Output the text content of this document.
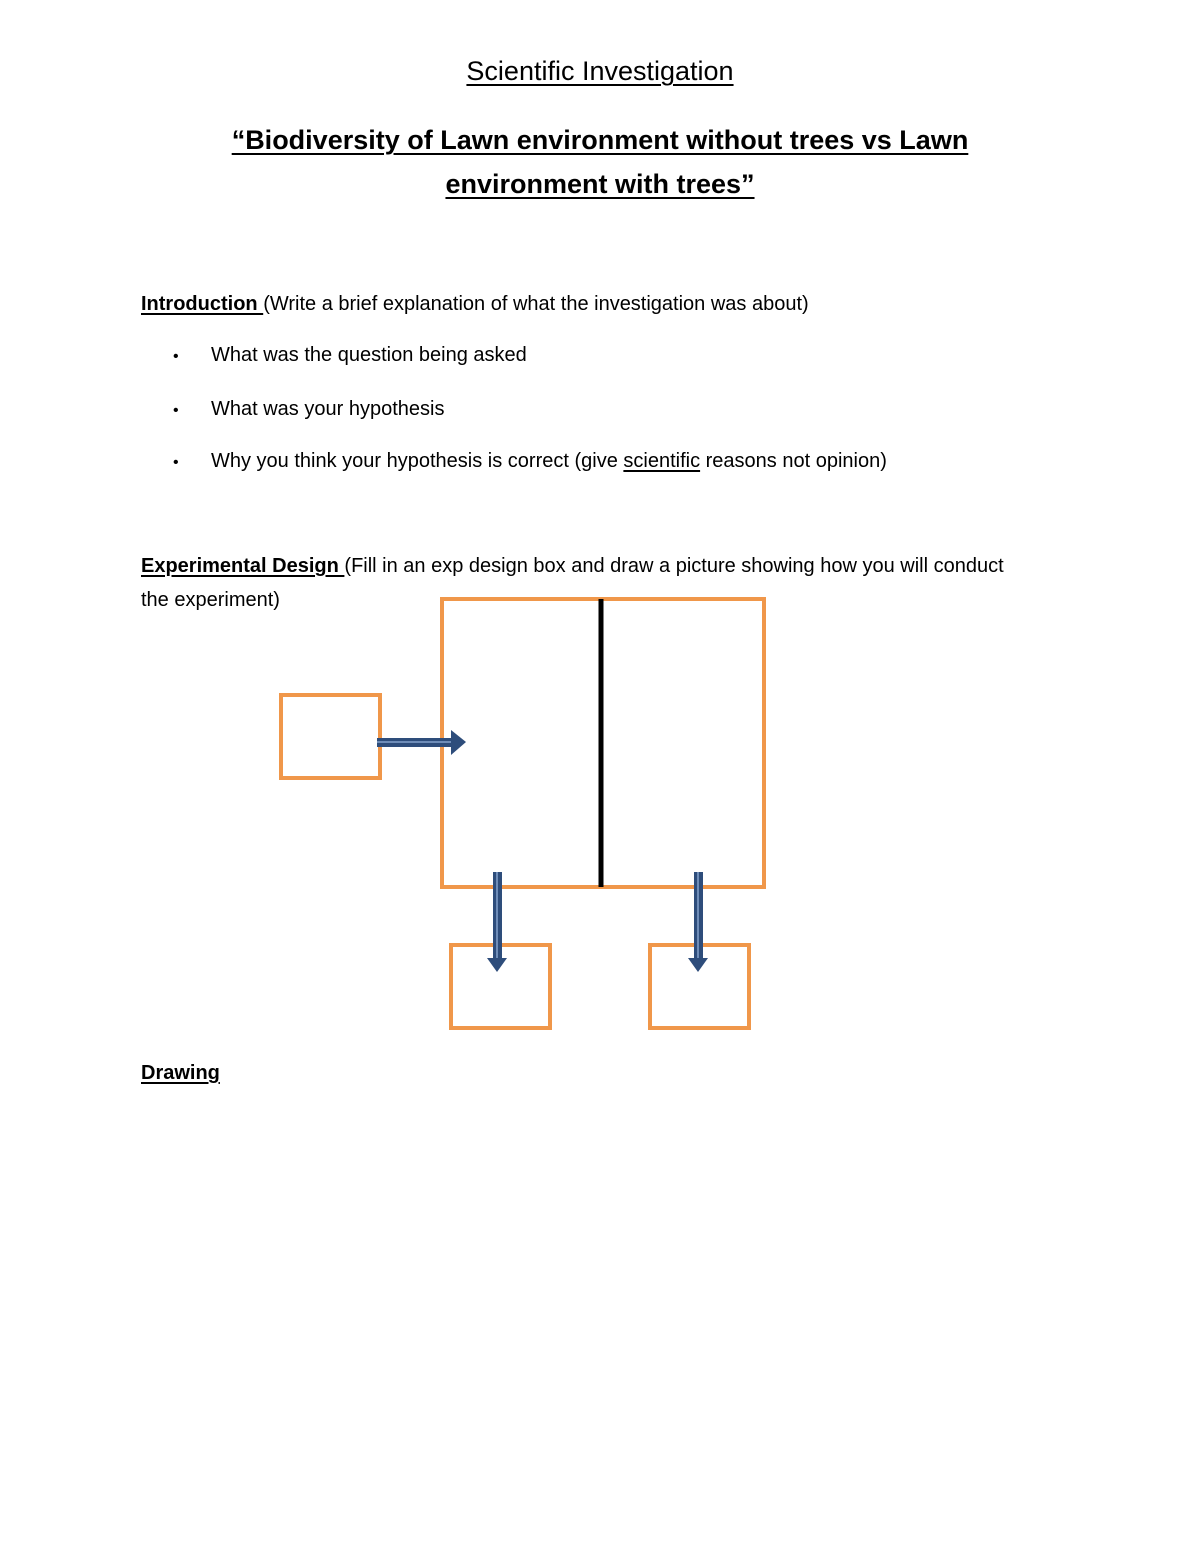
Scientific Investigation
“Biodiversity of Lawn environment without trees vs Lawn environment with trees”
Introduction (Write a brief explanation of what the investigation was about)
• What was the question being asked
• What was your hypothesis
• Why you think your hypothesis is correct (give scientific reasons not opinion)
Experimental Design (Fill in an exp design box and draw a picture showing how you will conduct the experiment)
Drawing
